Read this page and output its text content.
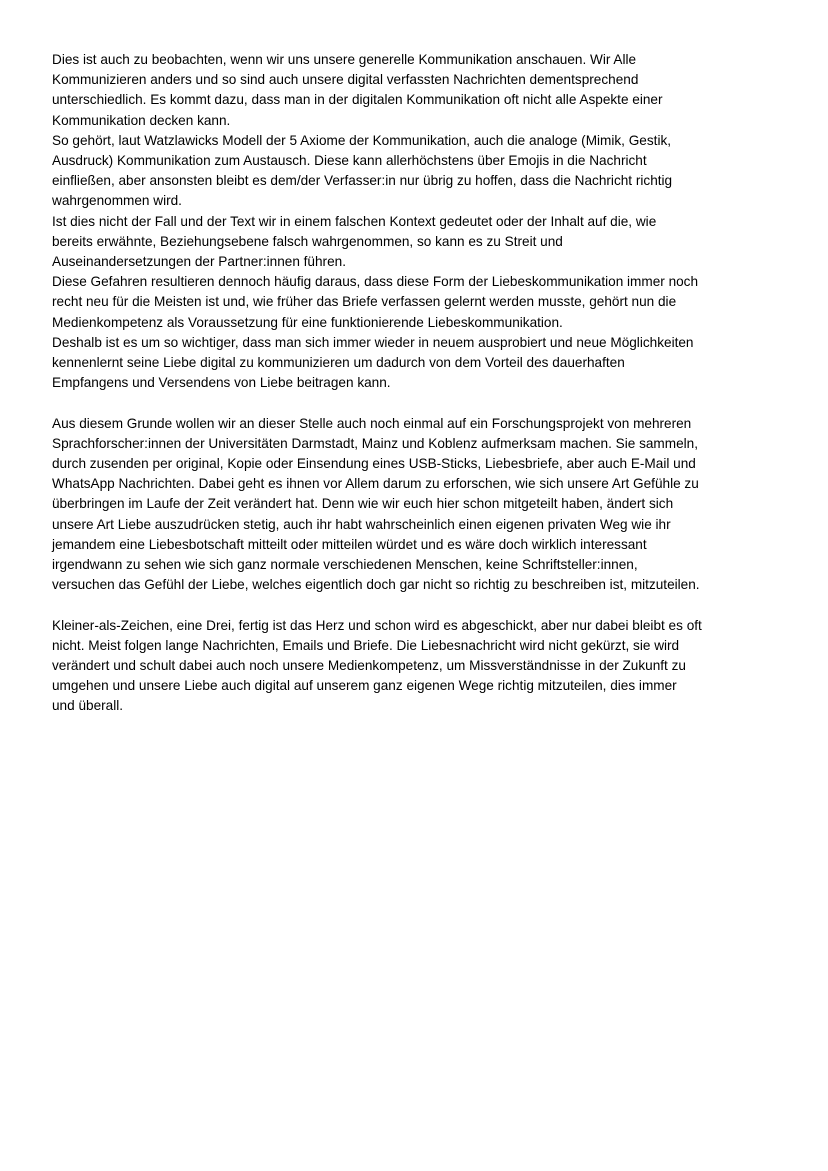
Dies ist auch zu beobachten, wenn wir uns unsere generelle Kommunikation anschauen. Wir Alle
Kommunizieren anders und so sind auch unsere digital verfassten Nachrichten dementsprechend
unterschiedlich. Es kommt dazu, dass man in der digitalen Kommunikation oft nicht alle Aspekte einer
Kommunikation decken kann.
So gehört, laut Watzlawicks Modell der 5 Axiome der Kommunikation, auch die analoge (Mimik, Gestik,
Ausdruck) Kommunikation zum Austausch. Diese kann allerhöchstens über Emojis in die Nachricht
einfließen, aber ansonsten bleibt es dem/der Verfasser:in nur übrig zu hoffen, dass die Nachricht richtig
wahrgenommen wird.
Ist dies nicht der Fall und der Text wir in einem falschen Kontext gedeutet oder der Inhalt auf die, wie
bereits erwähnte, Beziehungsebene falsch wahrgenommen, so kann es zu Streit und
Auseinandersetzungen der Partner:innen führen.
Diese Gefahren resultieren dennoch häufig daraus, dass diese Form der Liebeskommunikation immer noch
recht neu für die Meisten ist und, wie früher das Briefe verfassen gelernt werden musste, gehört nun die
Medienkompetenz als Voraussetzung für eine funktionierende Liebeskommunikation.
Deshalb ist es um so wichtiger, dass man sich immer wieder in neuem ausprobiert und neue Möglichkeiten
kennenlernt seine Liebe digital zu kommunizieren um dadurch von dem Vorteil des dauerhaften
Empfangens und Versendens von Liebe beitragen kann.
Aus diesem Grunde wollen wir an dieser Stelle auch noch einmal auf ein Forschungsprojekt von mehreren
Sprachforscher:innen der Universitäten Darmstadt, Mainz und Koblenz aufmerksam machen. Sie sammeln,
durch zusenden per original, Kopie oder Einsendung eines USB-Sticks, Liebesbriefe, aber auch E-Mail und
WhatsApp Nachrichten. Dabei geht es ihnen vor Allem darum zu erforschen, wie sich unsere Art Gefühle zu
überbringen im Laufe der Zeit verändert hat. Denn wie wir euch hier schon mitgeteilt haben, ändert sich
unsere Art Liebe auszudrücken stetig, auch ihr habt wahrscheinlich einen eigenen privaten Weg wie ihr
jemandem eine Liebesbotschaft mitteilt oder mitteilen würdet und es wäre doch wirklich interessant
irgendwann zu sehen wie sich ganz normale verschiedenen Menschen, keine Schriftsteller:innen,
versuchen das Gefühl der Liebe, welches eigentlich doch gar nicht so richtig zu beschreiben ist, mitzuteilen.
Kleiner-als-Zeichen, eine Drei, fertig ist das Herz und schon wird es abgeschickt, aber nur dabei bleibt es oft
nicht. Meist folgen lange Nachrichten, Emails und Briefe. Die Liebesnachricht wird nicht gekürzt, sie wird
verändert und schult dabei auch noch unsere Medienkompetenz, um Missverständnisse in der Zukunft zu
umgehen und unsere Liebe auch digital auf unserem ganz eigenen Wege richtig mitzuteilen, dies immer
und überall.
